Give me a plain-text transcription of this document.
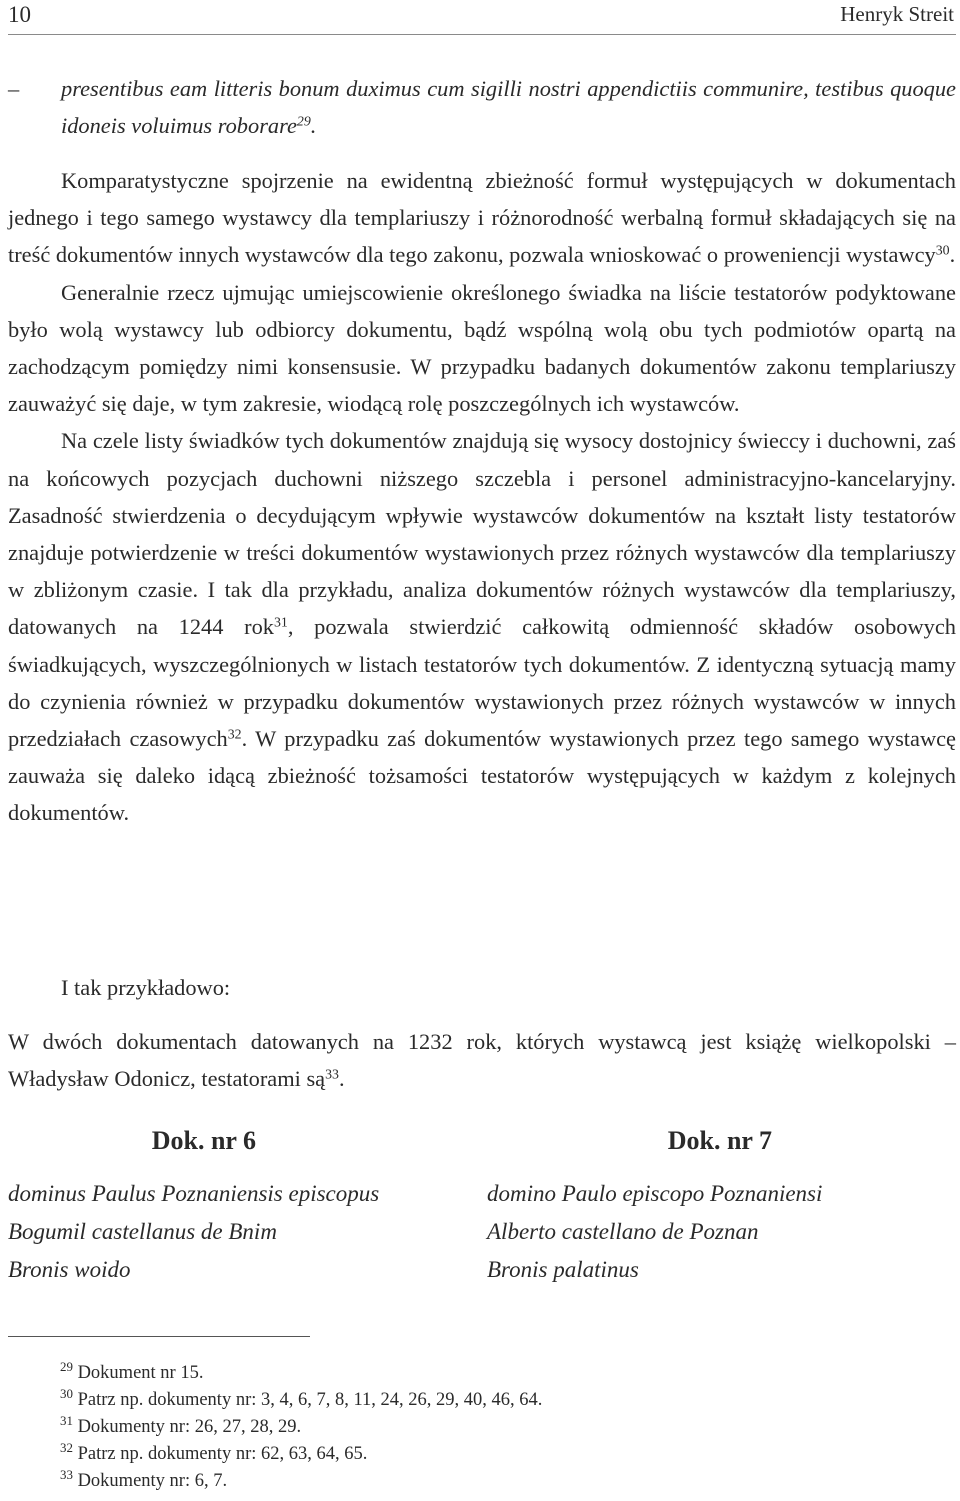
10	Henryk Streit
– presentibus eam litteris bonum duximus cum sigilli nostri appendictiis communire, testibus quoque idoneis voluimus roborare$^{29}$.

Komparatystyczne spojrzenie na ewidentną zbieżność formuł występujących w dokumentach jednego i tego samego wystawcy dla templariuszy i różnorodność werbalną formuł składających się na treść dokumentów innych wystawców dla tego zakonu, pozwala wnioskować o proweniencji wystawcy$^{30}$.

Generalnie rzecz ujmując umiejscowienie określonego świadka na liście testatorów podyktowane było wolą wystawcy lub odbiorcy dokumentu, bądź wspólną wolą obu tych podmiotów opartą na zachodzącym pomiędzy nimi konsensusie. W przypadku badanych dokumentów zakonu templariuszy zauważyć się daje, w tym zakresie, wiodącą rolę poszczególnych ich wystawców.

Na czele listy świadków tych dokumentów znajdują się wysocy dostojnicy świeccy i duchowni, zaś na końcowych pozycjach duchowni niższego szczebla i personel administracyjno-kancelaryjny. Zasadność stwierdzenia o decydującym wpływie wystawców dokumentów na kształt listy testatorów znajduje potwierdzenie w treści dokumentów wystawionych przez różnych wystawców dla templariuszy w zbliżonym czasie. I tak dla przykładu, analiza dokumentów różnych wystawców dla templariuszy, datowanych na 1244 rok$^{31}$, pozwala stwierdzić całkowitą odmienność składów osobowych świadkujących, wyszczególnionych w listach testatorów tych dokumentów. Z identyczną sytuacją mamy do czynienia również w przypadku dokumentów wystawionych przez różnych wystawców w innych przedziałach czasowych$^{32}$. W przypadku zaś dokumentów wystawionych przez tego samego wystawcę zauważa się daleko idącą zbieżność tożsamości testatorów występujących w każdym z kolejnych dokumentów.

I tak przykładowo:

W dwóch dokumentach datowanych na 1232 rok, których wystawcą jest książę wielkopolski – Władysław Odonicz, testatorami $są^{33}$.

Dok. nr 6
dominus Paulus Poznaniensis episcopus
Bogumil castellanus de Bnim
Bronis woido
Dok. nr 7
domino Paulo episcopo Poznaniensi
Alberto castellano de Poznan
Bronis palatinus
$^{29}$ Dokument nr 15.
$^{30}$ Patrz np. dokumenty nr: 3, 4, 6, 7, 8, 11, 24, 26, 29, 40, 46, 64.
$^{31}$ Dokumenty nr: 26, 27, 28, 29.
$^{32}$ Patrz np. dokumenty nr: 62, 63, 64, 65.
$^{33}$ Dokumenty nr: 6, 7.
